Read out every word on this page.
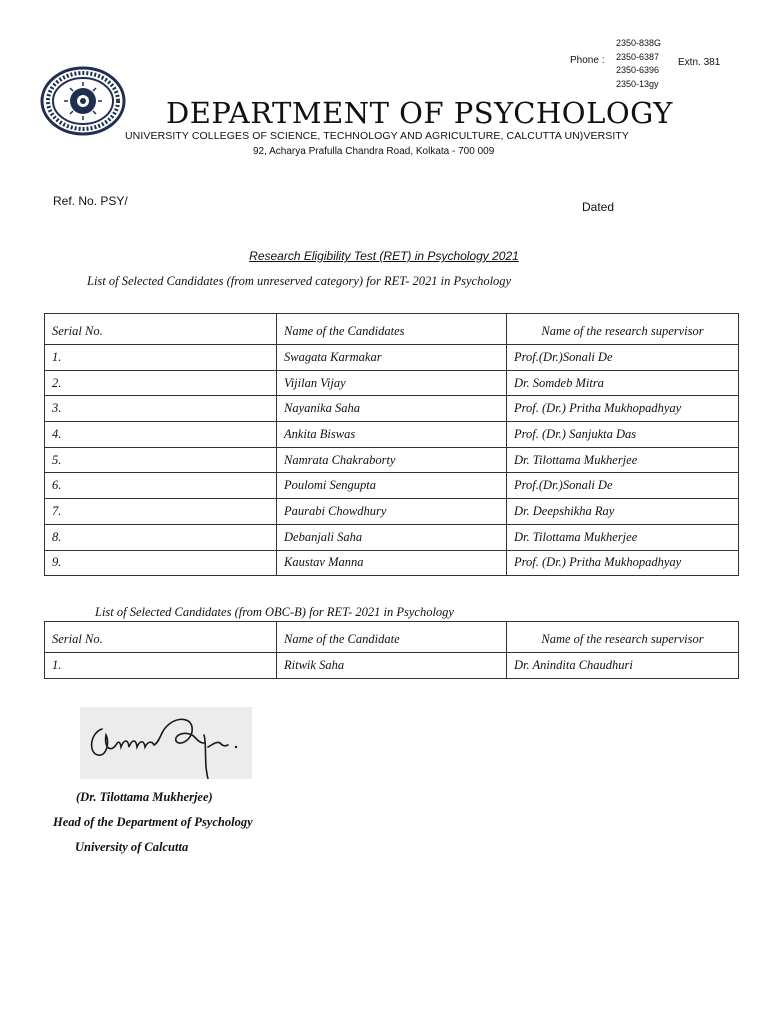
Phone :
2350-838G
2350-6387
2350-6396
2350-13gy
Extn. 381
DEPARTMENT OF PSYCHOLOGY
UNIVERSITY COLLEGES OF SCIENCE, TECHNOLOGY AND AGRICULTURE, CALCUTTA UN)VERSITY
92, Acharya Prafulla Chandra Road, Kolkata - 700 009
Ref. No. PSY/	Dated
Research Eligibility Test (RET) in Psychology 2021
List of Selected Candidates (from unreserved category) for RET- 2021 in Psychology
Serial No.	Name of the Candidates	Name of the research supervisor
1.	Swagata Karmakar	Prof.(Dr.)Sonali De
2.	Vijilan Vijay	Dr. Somdeb Mitra
3.	Nayanika Saha	Prof. (Dr.) Pritha Mukhopadhyay
4.	Ankita Biswas	Prof. (Dr.) Sanjukta Das
5.	Namrata Chakraborty	Dr. Tilottama Mukherjee
6.	Poulomi Sengupta	Prof.(Dr.)Sonali De
7.	Paurabi Chowdhury	Dr. Deepshikha Ray
8.	Debanjali Saha	Dr. Tilottama Mukherjee
9.	Kaustav Manna	Prof. (Dr.) Pritha Mukhopadhyay
List of Selected Candidates (from OBC-B) for RET- 2021 in Psychology
Serial No.	Name of the Candidate	Name of the research supervisor
1.	Ritwik Saha	Dr. Anindita Chaudhuri
(Dr. Tilottama Mukherjee)
Head of the Department of Psychology
University of Calcutta
